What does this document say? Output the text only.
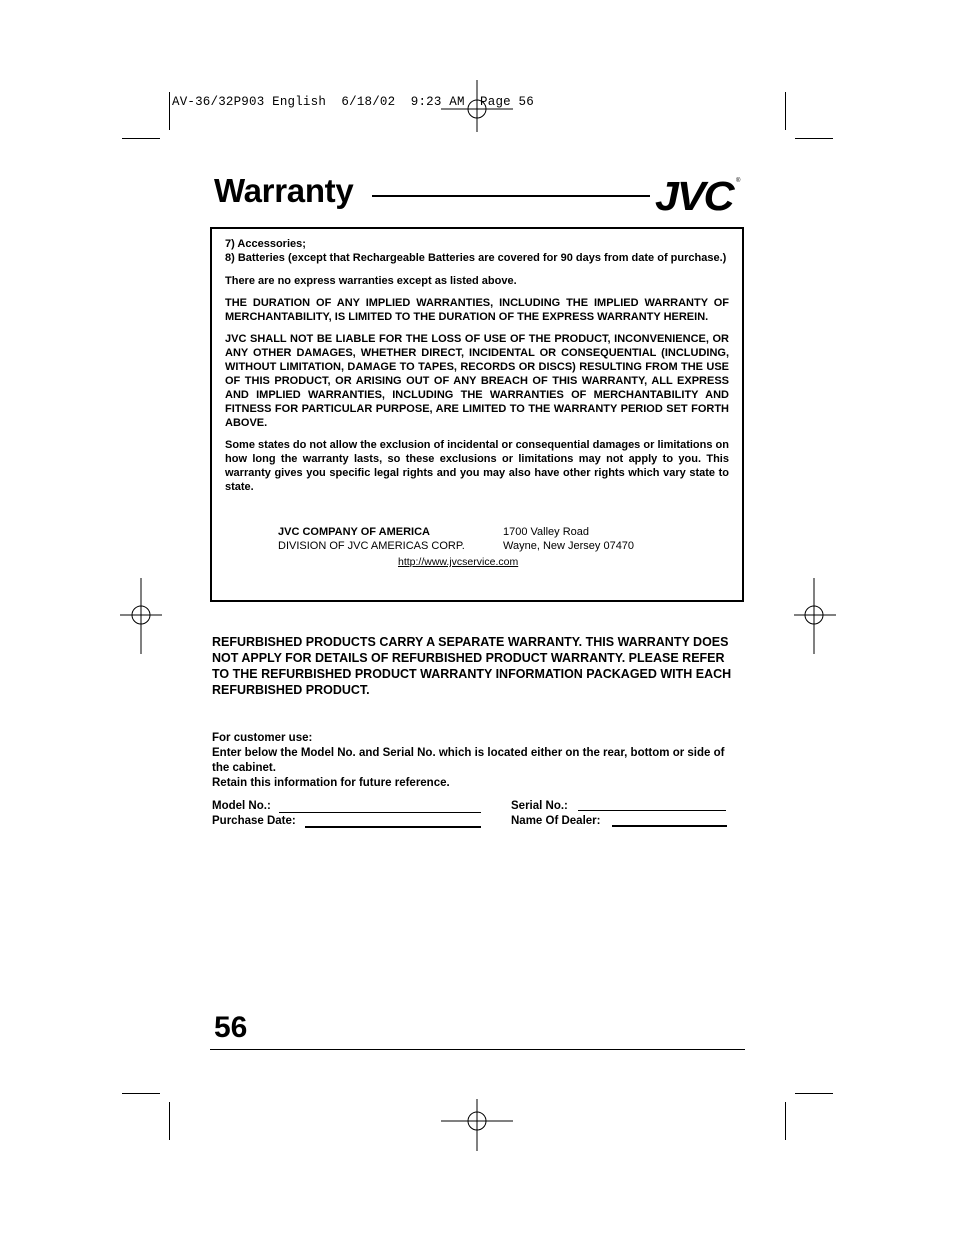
AV-36/32P903 English  6/18/02  9:23 AM  Page 56
Warranty	JVC ®

7) Accessories;

8) Batteries (except that Rechargeable Batteries are covered for 90 days from date of purchase.)

There are no express warranties except as listed above.

THE DURATION OF ANY IMPLIED WARRANTIES, INCLUDING THE IMPLIED WARRANTY OF MERCHANTABILITY, IS LIMITED TO THE DURATION OF THE EXPRESS WARRANTY HEREIN.

JVC SHALL NOT BE LIABLE FOR THE LOSS OF USE OF THE PRODUCT, INCONVENIENCE, OR ANY OTHER DAMAGES, WHETHER DIRECT, INCIDENTAL OR CONSEQUENTIAL (INCLUDING, WITHOUT LIMITATION, DAMAGE TO TAPES, RECORDS OR DISCS) RESULTING FROM THE USE OF THIS PRODUCT, OR ARISING OUT OF ANY BREACH OF THIS WARRANTY, ALL EXPRESS AND IMPLIED WARRANTIES, INCLUDING THE WARRANTIES OF MERCHANTABILITY AND FITNESS FOR PARTICULAR PURPOSE, ARE LIMITED TO THE WARRANTY PERIOD SET FORTH ABOVE.

Some states do not allow the exclusion of incidental or consequential damages or limitations on how long the warranty lasts, so these exclusions or limitations may not apply to you. This warranty gives you specific legal rights and you may also have other rights which vary state to state.

JVC COMPANY OF AMERICA
DIVISION OF JVC AMERICAS CORP.
1700 Valley Road
Wayne, New Jersey 07470
http://www.jvcservice.com
REFURBISHED PRODUCTS CARRY A SEPARATE WARRANTY. THIS WARRANTY DOES NOT APPLY FOR DETAILS OF REFURBISHED PRODUCT WARRANTY. PLEASE REFER TO THE REFURBISHED PRODUCT WARRANTY INFORMATION PACKAGED WITH EACH REFURBISHED PRODUCT.
For customer use:
Enter below the Model No. and Serial No. which is located either on the rear, bottom or side of the cabinet.
Retain this information for future reference.
Model No.:
Purchase Date:
Serial No.:
Name Of Dealer:
56
